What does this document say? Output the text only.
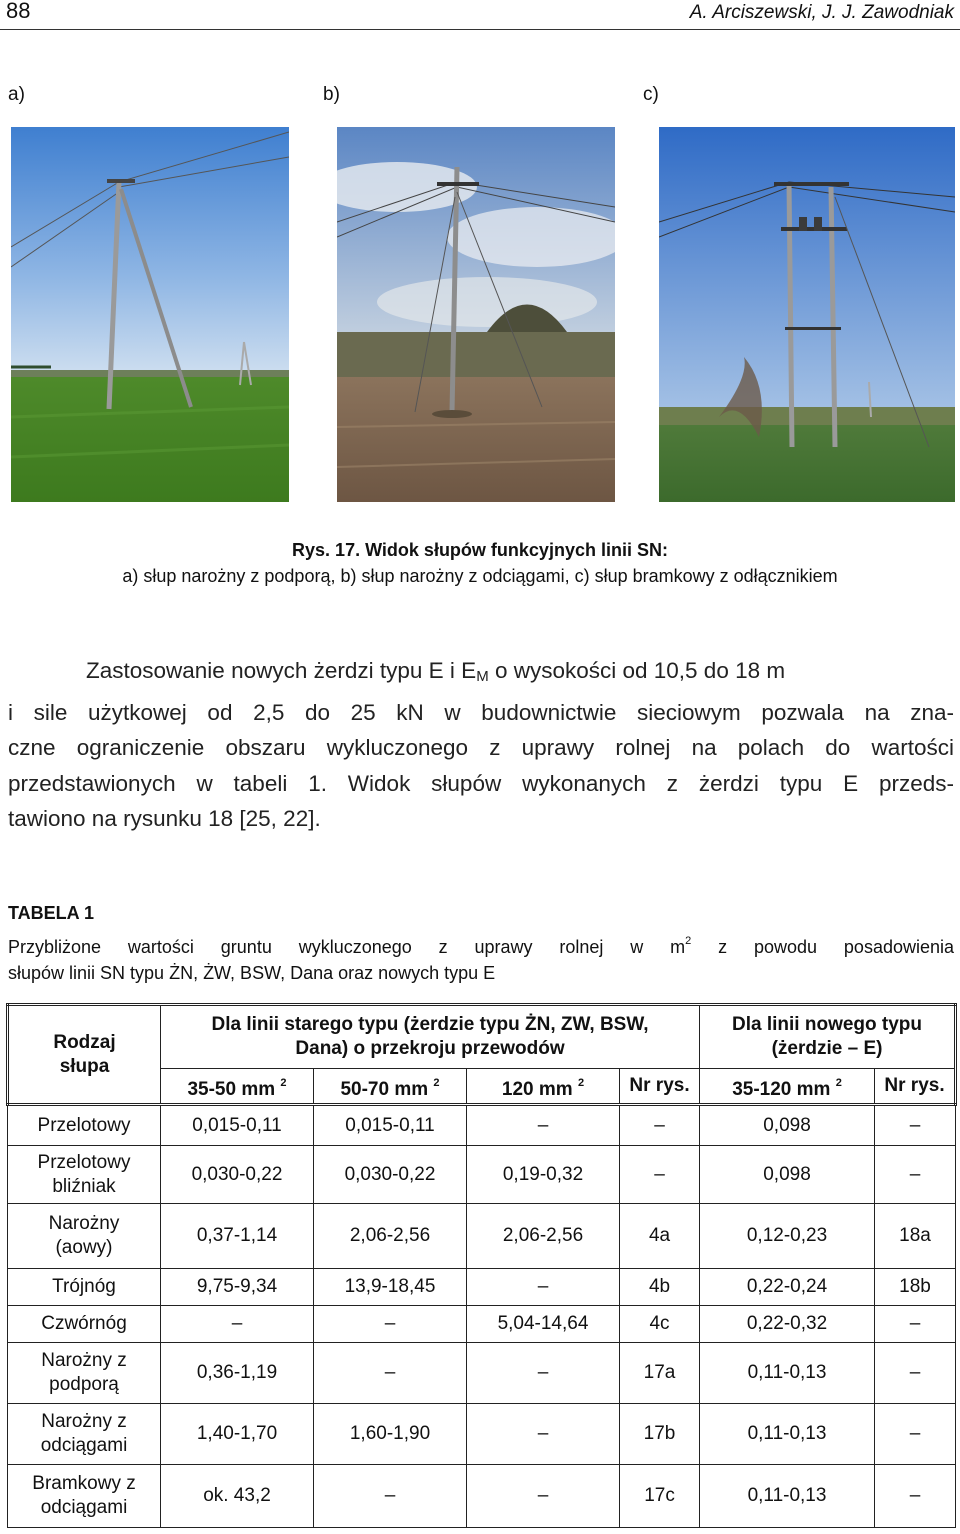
88	A. Arciszewski, J. J. Zawodniak
a)	b)	c)
Rys. 17. Widok słupów funkcyjnych linii SN:
a) słup narożny z podporą, b) słup narożny z odciągami, c) słup bramkowy z odłącznikiem
Zastosowanie nowych żerdzi typu E i $E_M$ o wysokości od 10,5 do 18 m
i sile użytkowej od 2,5 do 25 kN w budownictwie sieciowym pozwala na zna-
czne ograniczenie obszaru wykluczonego z uprawy rolnej na polach do wartości
przedstawionych w tabeli 1. Widok słupów wykonanych z żerdzi typu E przeds-
tawiono na rysunku 18 [25, 22].
TABELA 1
Przybliżone wartości gruntu wykluczonego z uprawy rolnej w $m^2$ z powodu posadowienia
słupów linii SN typu ŻN, ŻW, BSW, Dana oraz nowych typu E
Rodzaj słupa	Dla linii starego typu (żerdzie typu ŻN, ZW, BSW, Dana) o przekroju przewodów				Dla linii nowego typu (żerdzie – E)	
	35-50 mm $^2$	50-70 mm $^2$	120 mm $^2$	Nr rys.	35-120 mm $^2$	Nr rys.
Przelotowy	0,015-0,11	0,015-0,11	–	–	0,098	–
Przelotowy bliźniak	0,030-0,22	0,030-0,22	0,19-0,32	–	0,098	–
Narożny (aowy)	0,37-1,14	2,06-2,56	2,06-2,56	4a	0,12-0,23	18a
Trójnóg	9,75-9,34	13,9-18,45	–	4b	0,22-0,24	18b
Czwórnóg	–	–	5,04-14,64	4c	0,22-0,32	–
Narożny z podporą	0,36-1,19	–	–	17a	0,11-0,13	–
Narożny z odciągami	1,40-1,70	1,60-1,90	–	17b	0,11-0,13	–
Bramkowy z odciągami	ok. 43,2	–	–	17c	0,11-0,13	–
